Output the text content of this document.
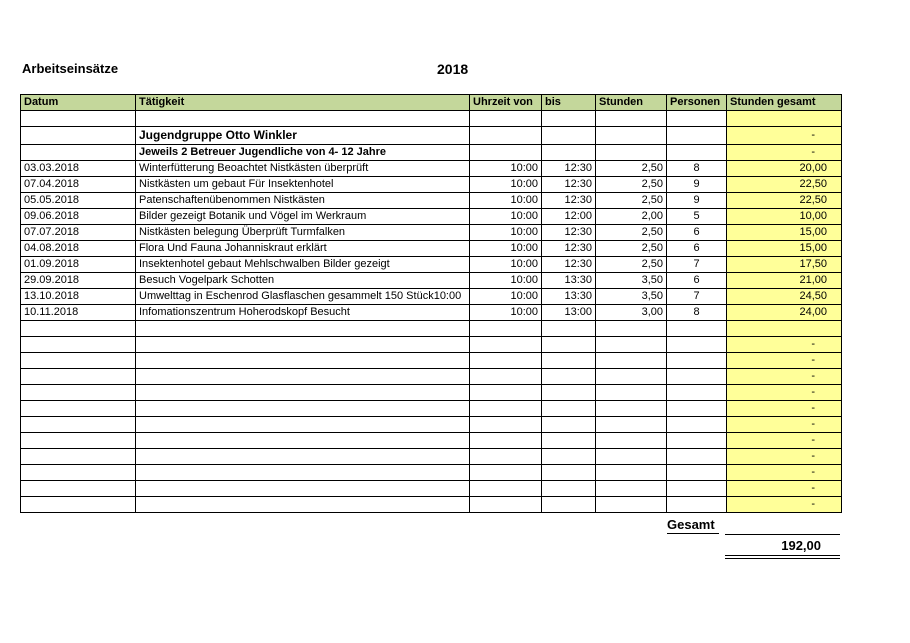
Arbeitseinsätze	2018
Datum	Tätigkeit	Uhrzeit von	bis	Stunden	Personen	Stunden gesamt

	Jugendgruppe Otto Winkler					-
	Jeweils 2 Betreuer Jugendliche von 4- 12 Jahre					-
03.03.2018	Winterfütterung Beoachtet Nistkästen überprüft	10:00	12:30	2,50	8	20,00
07.04.2018	Nistkästen um gebaut Für Insektenhotel	10:00	12:30	2,50	9	22,50
05.05.2018	Patenschaftenübenommen Nistkästen	10:00	12:30	2,50	9	22,50
09.06.2018	Bilder gezeigt Botanik und Vögel im Werkraum	10:00	12:00	2,00	5	10,00
07.07.2018	Nistkästen belegung Überprüft Turmfalken	10:00	12:30	2,50	6	15,00
04.08.2018	Flora Und Fauna Johanniskraut erklärt	10:00	12:30	2,50	6	15,00
01.09.2018	Insektenhotel gebaut Mehlschwalben Bilder gezeigt	10:00	12:30	2,50	7	17,50
29.09.2018	Besuch Vogelpark Schotten	10:00	13:30	3,50	6	21,00
13.10.2018	Umwelttag in Eschenrod Glasflaschen gesammelt 150 Stück10:00	10:00	13:30	3,50	7	24,50
10.11.2018	Infomationszentrum Hoherodskopf Besucht	10:00	13:00	3,00	8	24,00

						-
						-
						-
						-
						-
						-
						-
						-
						-
						-
						-
Gesamt
192,00
